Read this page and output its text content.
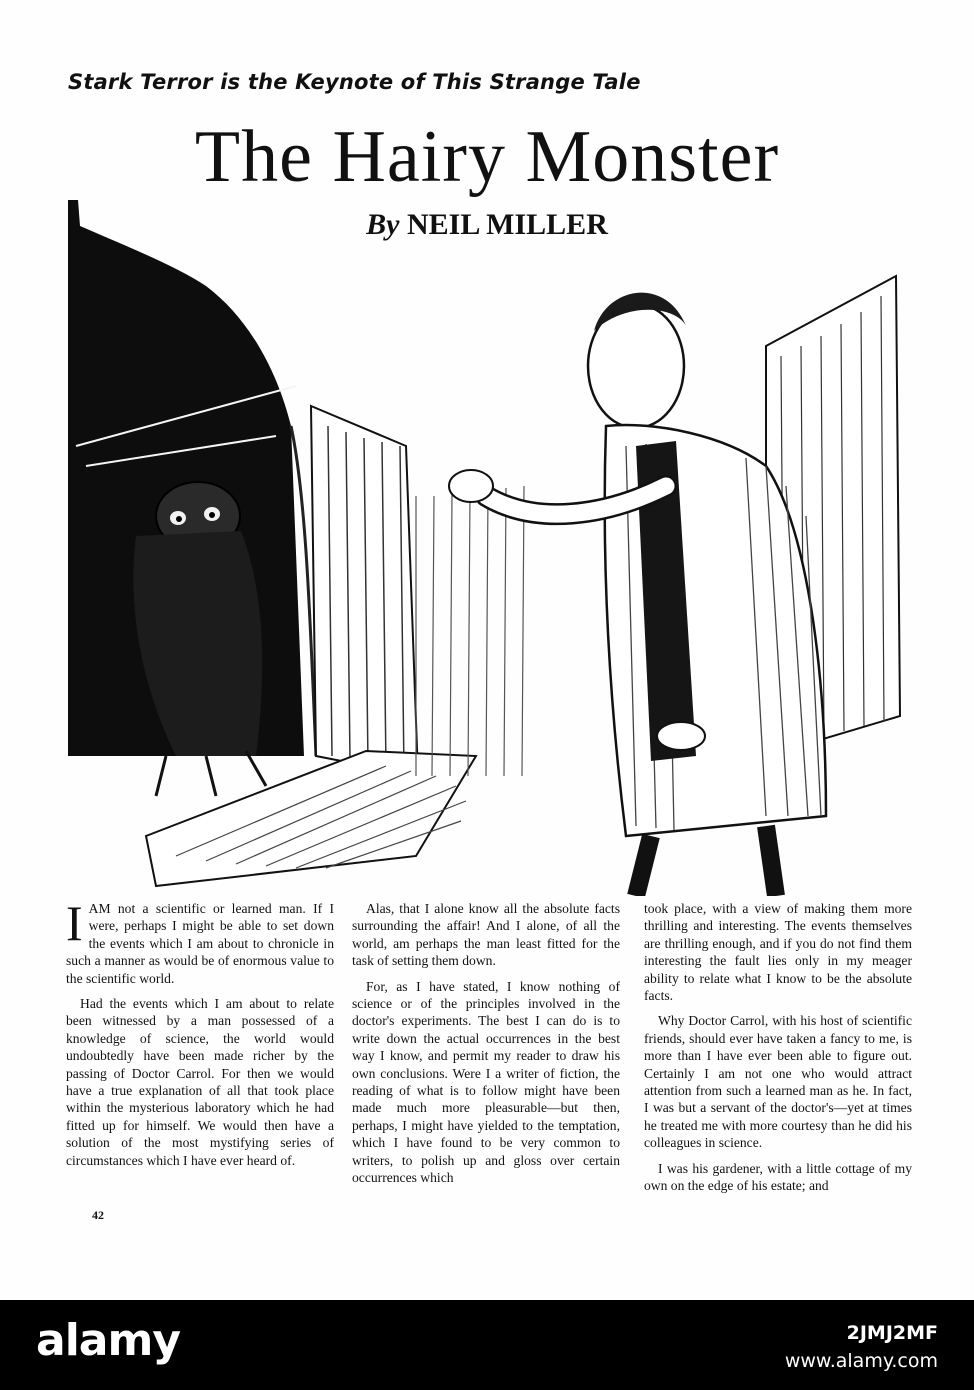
Stark Terror is the Keynote of This Strange Tale
The Hairy Monster
By NEIL MILLER

IAM not a scientific or learned man. If I were, perhaps I might be able to set down the events which I am about to chronicle in such a manner as would be of enormous value to the scientific world.

Had the events which I am about to relate been witnessed by a man possessed of a knowledge of science, the world would undoubtedly have been made richer by the passing of Doctor Carrol. For then we would have a true explanation of all that took place within the mysterious laboratory which he had fitted up for himself. We would then have a solution of the most mystifying series of circumstances which I have ever heard of.

Alas, that I alone know all the absolute facts surrounding the affair! And I alone, of all the world, am perhaps the man least fitted for the task of setting them down.

For, as I have stated, I know nothing of science or of the principles involved in the doctor's experiments. The best I can do is to write down the actual occurrences in the best way I know, and permit my reader to draw his own conclusions. Were I a writer of fiction, the reading of what is to follow might have been made much more pleasurable—but then, perhaps, I might have yielded to the temptation, which I have found to be very common to writers, to polish up and gloss over certain occurrences which

took place, with a view of making them more thrilling and interesting. The events themselves are thrilling enough, and if you do not find them interesting the fault lies only in my meager ability to relate what I know to be the absolute facts.

Why Doctor Carrol, with his host of scientific friends, should ever have taken a fancy to me, is more than I have ever been able to figure out. Certainly I am not one who would attract attention from such a learned man as he. In fact, I was but a servant of the doctor's—yet at times he treated me with more courtesy than he did his colleagues in science.

I was his gardener, with a little cottage of my own on the edge of his estate; and

42
alamy	2JMJ2MF
www.alamy.com
